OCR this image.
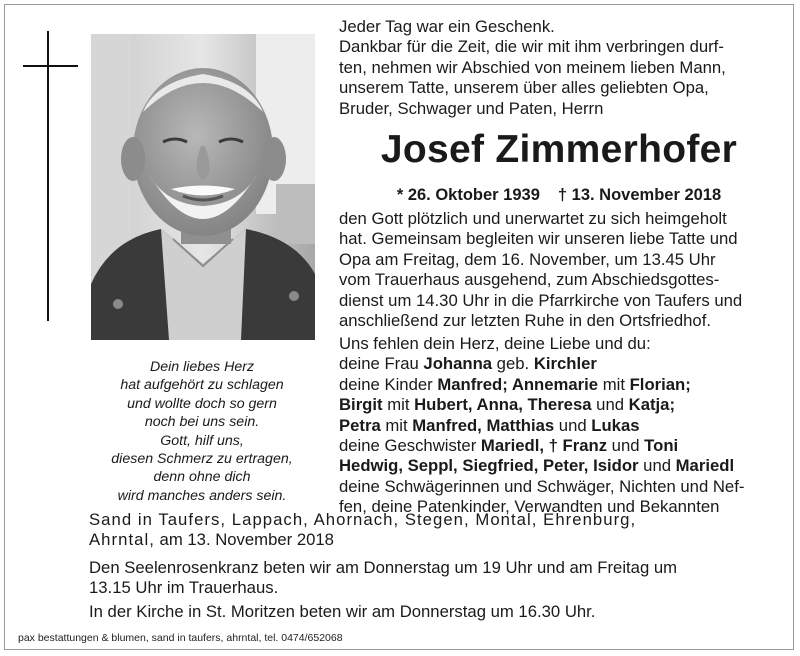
Dein liebes Herz
hat aufgehört zu schlagen
und wollte doch so gern
noch bei uns sein.
Gott, hilf uns,
diesen Schmerz zu ertragen,
denn ohne dich
wird manches anders sein.
Jeder Tag war ein Geschenk.
Dankbar für die Zeit, die wir mit ihm verbringen durf-
ten, nehmen wir Abschied von meinem lieben Mann,
unserem Tatte, unserem über alles geliebten Opa,
Bruder, Schwager und Paten, Herrn
Josef Zimmerhofer
* 26. Oktober 1939 † 13. November 2018
den Gott plötzlich und unerwartet zu sich heimgeholt
hat. Gemeinsam begleiten wir unseren liebe Tatte und
Opa am Freitag, dem 16. November, um 13.45 Uhr
vom Trauerhaus ausgehend, zum Abschiedsgottes-
dienst um 14.30 Uhr in die Pfarrkirche von Taufers und
anschließend zur letzten Ruhe in den Ortsfriedhof.
Uns fehlen dein Herz, deine Liebe und du:
deine Frau Johanna geb. Kirchler
deine Kinder Manfred; Annemarie mit Florian;
Birgit mit Hubert, Anna, Theresa und Katja;
Petra mit Manfred, Matthias und Lukas
deine Geschwister Mariedl, † Franz und Toni
Hedwig, Seppl, Siegfried, Peter, Isidor und Mariedl
deine Schwägerinnen und Schwäger, Nichten und Nef-
fen, deine Patenkinder, Verwandten und Bekannten
Sand in Taufers, Lappach, Ahornach, Stegen, Montal, Ehrenburg,
Ahrntal, am 13. November 2018
Den Seelenrosenkranz beten wir am Donnerstag um 19 Uhr und am Freitag um
13.15 Uhr im Trauerhaus.
In der Kirche in St. Moritzen beten wir am Donnerstag um 16.30 Uhr.
pax bestattungen & blumen, sand in taufers, ahrntal, tel. 0474/652068
